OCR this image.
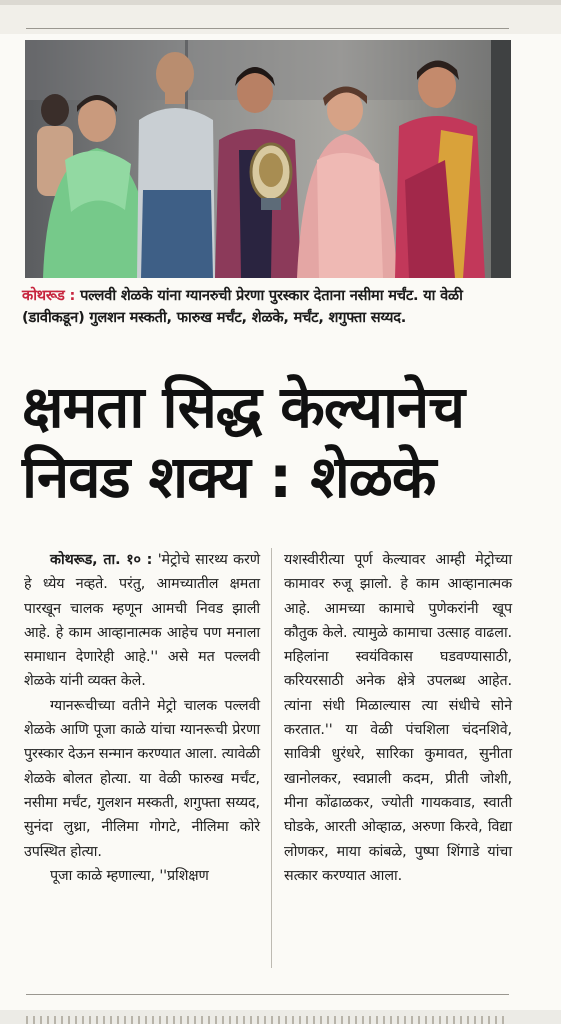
कोथरूड : पल्लवी शेळके यांना ग्यानरुची प्रेरणा पुरस्कार देताना नसीमा मर्चंट. या वेळी (डावीकडून) गुलशन मस्कती, फारुख मर्चंट, शेळके, मर्चंट, शगुफ्ता सय्यद.
क्षमता सिद्ध केल्यानेच
निवड शक्य : शेळके

कोथरूड, ता. १० : 'मेट्रोचे सारथ्य करणे हे ध्येय नव्हते. परंतु, आमच्यातील क्षमता पारखून चालक म्हणून आमची निवड झाली आहे. हे काम आव्हानात्मक आहेच पण मनाला समाधान देणारेही आहे.'' असे मत पल्लवी शेळके यांनी व्यक्त केले.

ग्यानरूचीच्या वतीने मेट्रो चालक पल्लवी शेळके आणि पूजा काळे यांचा ग्यानरूची प्रेरणा पुरस्कार देऊन सन्मान करण्यात आला. त्यावेळी शेळके बोलत होत्या. या वेळी फारुख मर्चंट, नसीमा मर्चंट, गुलशन मस्कती, शगुफ्ता सय्यद, सुनंदा लुथ्रा, नीलिमा गोगटे, नीलिमा कोरे उपस्थित होत्या.

पूजा काळे म्हणाल्या, ''प्रशिक्षण

यशस्वीरीत्या पूर्ण केल्यावर आम्ही मेट्रोच्या कामावर रुजू झालो. हे काम आव्हानात्मक आहे. आमच्या कामाचे पुणेकरांनी खूप कौतुक केले. त्यामुळे कामाचा उत्साह वाढला. महिलांना स्वयंविकास घडवण्यासाठी, करियरसाठी अनेक क्षेत्रे उपलब्ध आहेत. त्यांना संधी मिळाल्यास त्या संधीचे सोने करतात.'' या वेळी पंचशिला चंदनशिवे, सावित्री धुरंधरे, सारिका कुमावत, सुनीता खानोलकर, स्वप्नाली कदम, प्रीती जोशी, मीना कोंढाळकर, ज्योती गायकवाड, स्वाती घोडके, आरती ओव्हाळ, अरुणा किरवे, विद्या लोणकर, माया कांबळे, पुष्पा शिंगाडे यांचा सत्कार करण्यात आला.
